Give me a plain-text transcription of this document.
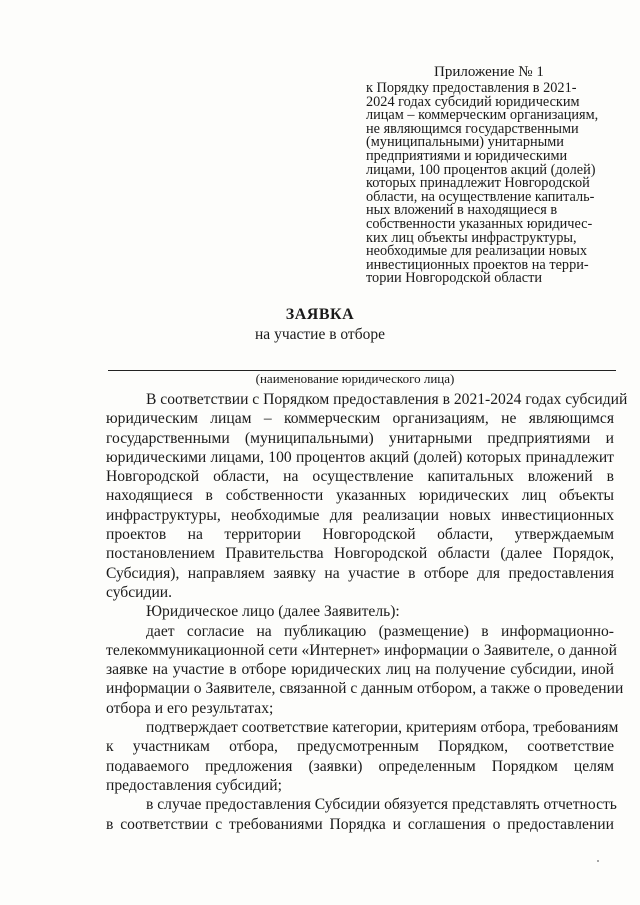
Приложение № 1
к Порядку предоставления в 2021-
2024 годах субсидий юридическим
лицам – коммерческим организациям,
не являющимся государственными
(муниципальными) унитарными
предприятиями и юридическими
лицами, 100 процентов акций (долей)
которых принадлежит Новгородской
области, на осуществление капиталь-
ных вложений в находящиеся в
собственности указанных юридичес-
ких лиц объекты инфраструктуры,
необходимые для реализации новых
инвестиционных проектов на терри-
тории Новгородской области
ЗАЯВКА
на участие в отборе
(наименование юридического лица)
В соответствии с Порядком предоставления в 2021-2024 годах субсидий
юридическим лицам – коммерческим организациям, не являющимся
государственными (муниципальными) унитарными предприятиями и
юридическими лицами, 100 процентов акций (долей) которых принадлежит
Новгородской области, на осуществление капитальных вложений в
находящиеся в собственности указанных юридических лиц объекты
инфраструктуры, необходимые для реализации новых инвестиционных
проектов на территории Новгородской области, утверждаемым
постановлением Правительства Новгородской области (далее Порядок,
Субсидия), направляем заявку на участие в отборе для предоставления
субсидии.
Юридическое лицо (далее Заявитель):
дает согласие на публикацию (размещение) в информационно-
телекоммуникационной сети «Интернет» информации о Заявителе, о данной
заявке на участие в отборе юридических лиц на получение субсидии, иной
информации о Заявителе, связанной с данным отбором, а также о проведении
отбора и его результатах;
подтверждает соответствие категории, критериям отбора, требованиям
к участникам отбора, предусмотренным Порядком, соответствие
подаваемого предложения (заявки) определенным Порядком целям
предоставления субсидий;
в случае предоставления Субсидии обязуется представлять отчетность
в соответствии с требованиями Порядка и соглашения о предоставлении
